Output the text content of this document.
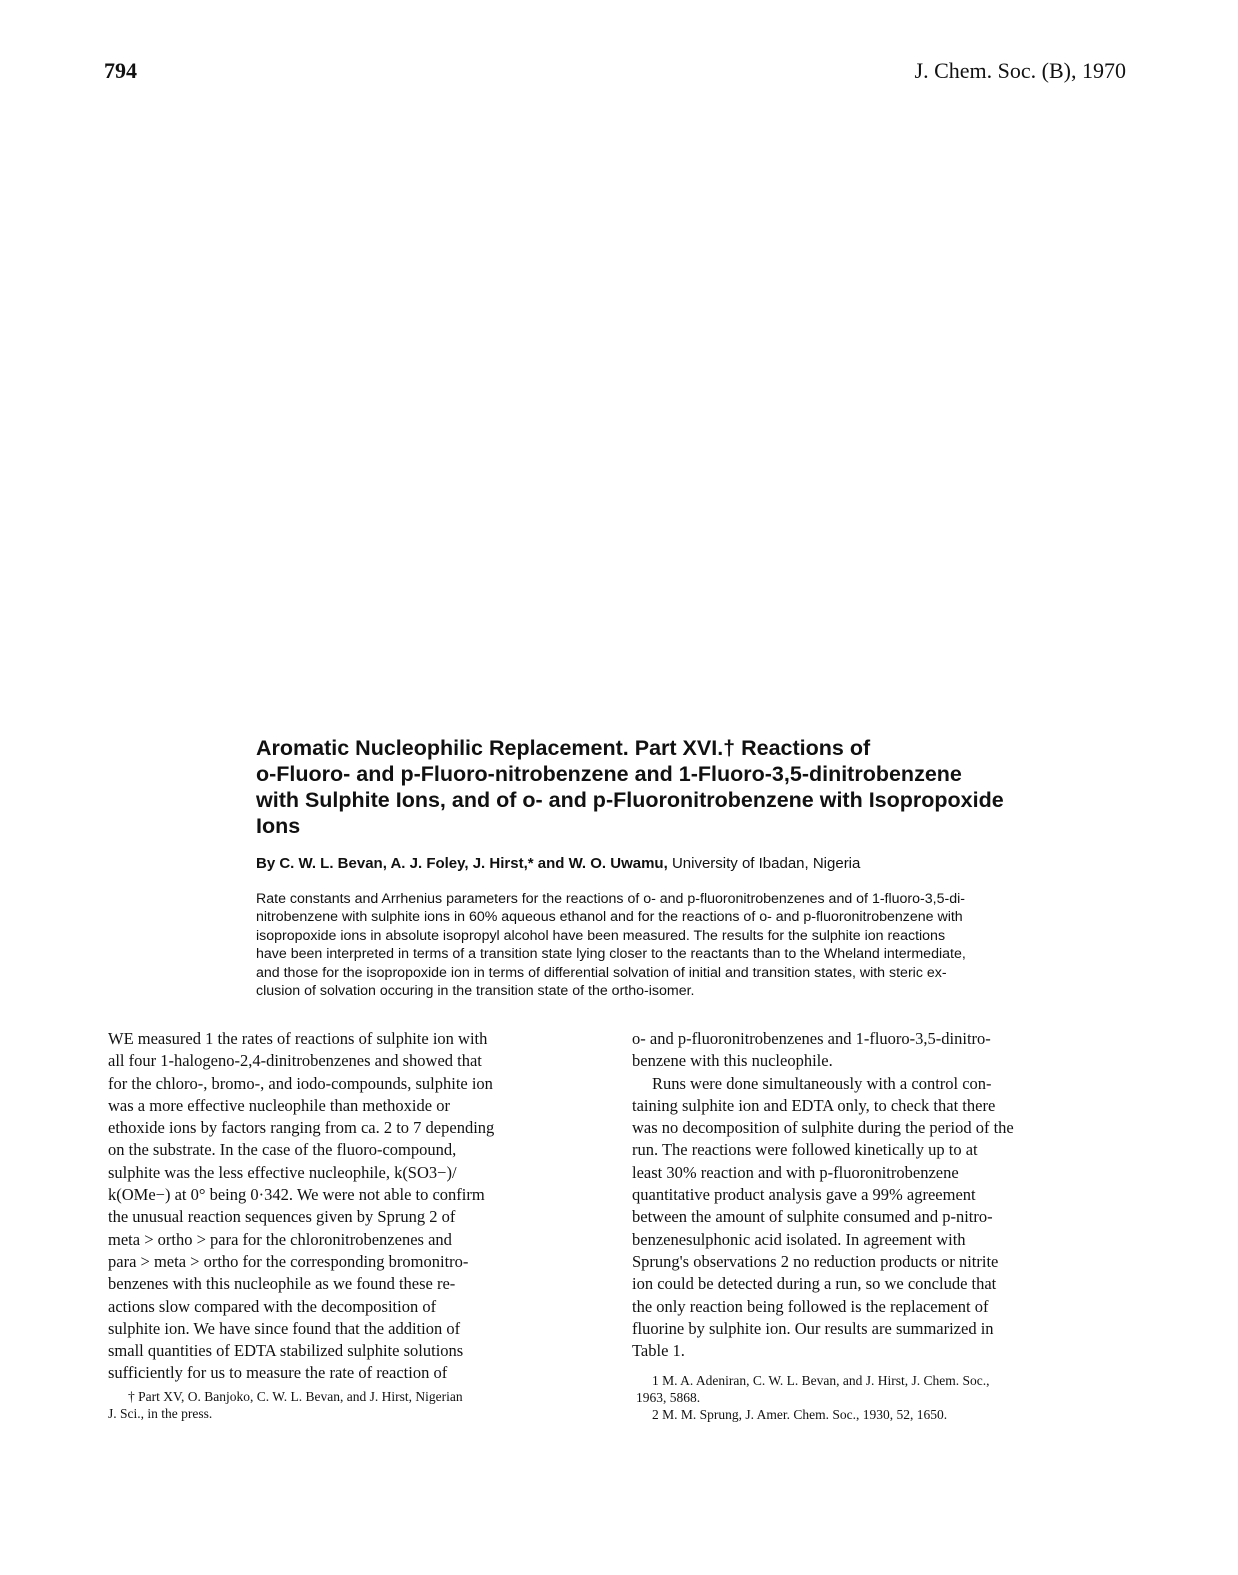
794	J. Chem. Soc. (B), 1970
Aromatic Nucleophilic Replacement. Part XVI.† Reactions of
o-Fluoro- and p-Fluoro-nitrobenzene and 1-Fluoro-3,5-dinitrobenzene
with Sulphite Ions, and of o- and p-Fluoronitrobenzene with Isopropoxide
Ions
By C. W. L. Bevan, A. J. Foley, J. Hirst,* and W. O. Uwamu, University of Ibadan, Nigeria
Rate constants and Arrhenius parameters for the reactions of o- and p-fluoronitrobenzenes and of 1-fluoro-3,5-di-
nitrobenzene with sulphite ions in 60% aqueous ethanol and for the reactions of o- and p-fluoronitrobenzene with
isopropoxide ions in absolute isopropyl alcohol have been measured. The results for the sulphite ion reactions
have been interpreted in terms of a transition state lying closer to the reactants than to the Wheland intermediate,
and those for the isopropoxide ion in terms of differential solvation of initial and transition states, with steric ex-
clusion of solvation occuring in the transition state of the ortho-isomer.
WE measured 1 the rates of reactions of sulphite ion with
all four 1-halogeno-2,4-dinitrobenzenes and showed that
for the chloro-, bromo-, and iodo-compounds, sulphite ion
was a more effective nucleophile than methoxide or
ethoxide ions by factors ranging from ca. 2 to 7 depending
on the substrate. In the case of the fluoro-compound,
sulphite was the less effective nucleophile, k(SO3−)/
k(OMe−) at 0° being 0·342. We were not able to confirm
the unusual reaction sequences given by Sprung 2 of
meta > ortho > para for the chloronitrobenzenes and
para > meta > ortho for the corresponding bromonitro-
benzenes with this nucleophile as we found these re-
actions slow compared with the decomposition of
sulphite ion. We have since found that the addition of
small quantities of EDTA stabilized sulphite solutions
sufficiently for us to measure the rate of reaction of
o- and p-fluoronitrobenzenes and 1-fluoro-3,5-dinitro-
benzene with this nucleophile.
Runs were done simultaneously with a control con-
taining sulphite ion and EDTA only, to check that there
was no decomposition of sulphite during the period of the
run. The reactions were followed kinetically up to at
least 30% reaction and with p-fluoronitrobenzene
quantitative product analysis gave a 99% agreement
between the amount of sulphite consumed and p-nitro-
benzenesulphonic acid isolated. In agreement with
Sprung's observations 2 no reduction products or nitrite
ion could be detected during a run, so we conclude that
the only reaction being followed is the replacement of
fluorine by sulphite ion. Our results are summarized in
Table 1.
† Part XV, O. Banjoko, C. W. L. Bevan, and J. Hirst, Nigerian
J. Sci., in the press.
1 M. A. Adeniran, C. W. L. Bevan, and J. Hirst, J. Chem. Soc.,
1963, 5868.
2 M. M. Sprung, J. Amer. Chem. Soc., 1930, 52, 1650.
